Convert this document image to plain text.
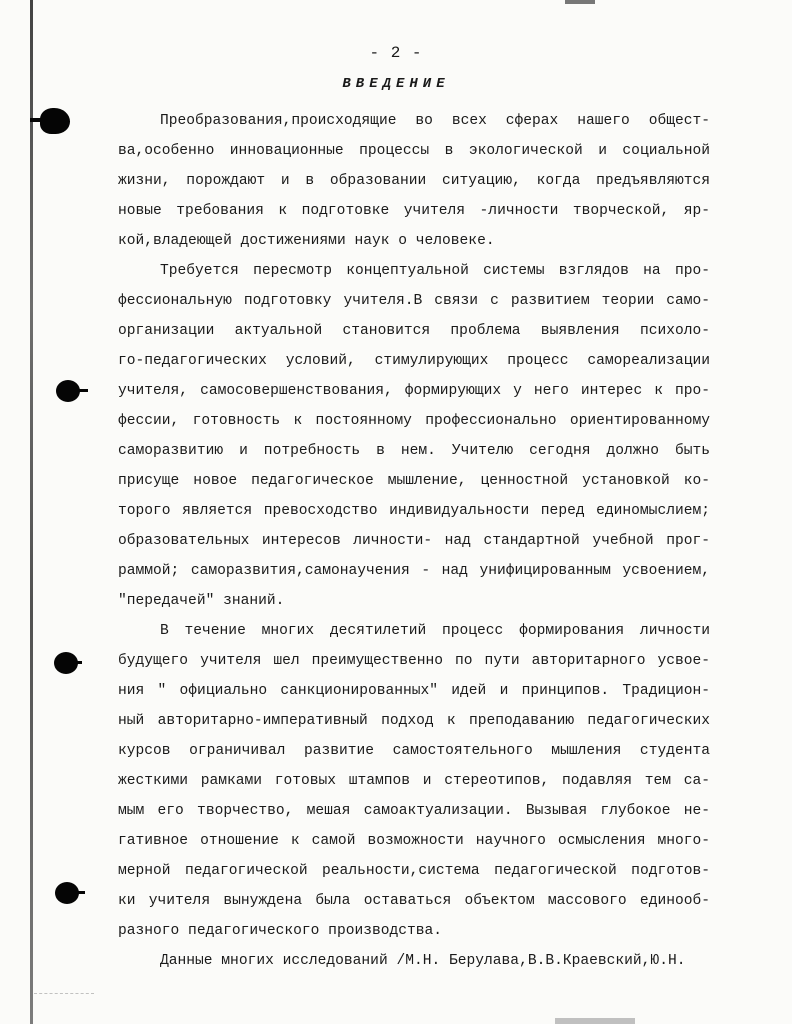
- 2 -
ВВЕДЕНИЕ
Преобразования,происходящие во всех сферах нашего общест-
ва,особенно инновационные процессы в экологической и социальной
жизни, порождают и в образовании ситуацию, когда предъявляются
новые требования к подготовке учителя -личности творческой, яр-
кой,владеющей достижениями наук о человеке.
Требуется пересмотр концептуальной системы взглядов на про-
фессиональную подготовку учителя.В связи с развитием теории само-
организации актуальной становится проблема выявления психоло-
го-педагогических условий, стимулирующих процесс самореализации
учителя, самосовершенствования, формирующих у него интерес к про-
фессии, готовность к постоянному профессионально ориентированному
саморазвитию и потребность в нем. Учителю сегодня должно быть
присуще новое педагогическое мышление, ценностной установкой ко-
торого является превосходство индивидуальности перед единомыслием;
образовательных интересов личности- над стандартной учебной прог-
раммой; саморазвития,самонаучения - над унифицированным усвоением,
"передачей" знаний.
В течение многих десятилетий процесс формирования личности
будущего учителя шел преимущественно по пути авторитарного усвое-
ния " официально санкционированных" идей и принципов. Традицион-
ный авторитарно-императивный подход к преподаванию педагогических
курсов ограничивал развитие самостоятельного мышления студента
жесткими рамками готовых штампов и стереотипов, подавляя тем са-
мым его творчество, мешая самоактуализации. Вызывая глубокое не-
гативное отношение к самой возможности научного осмысления много-
мерной педагогической реальности,система педагогической подготов-
ки учителя вынуждена была оставаться объектом массового единооб-
разного педагогического производства.
Данные многих исследований /М.Н. Берулава,В.В.Краевский,Ю.Н.
